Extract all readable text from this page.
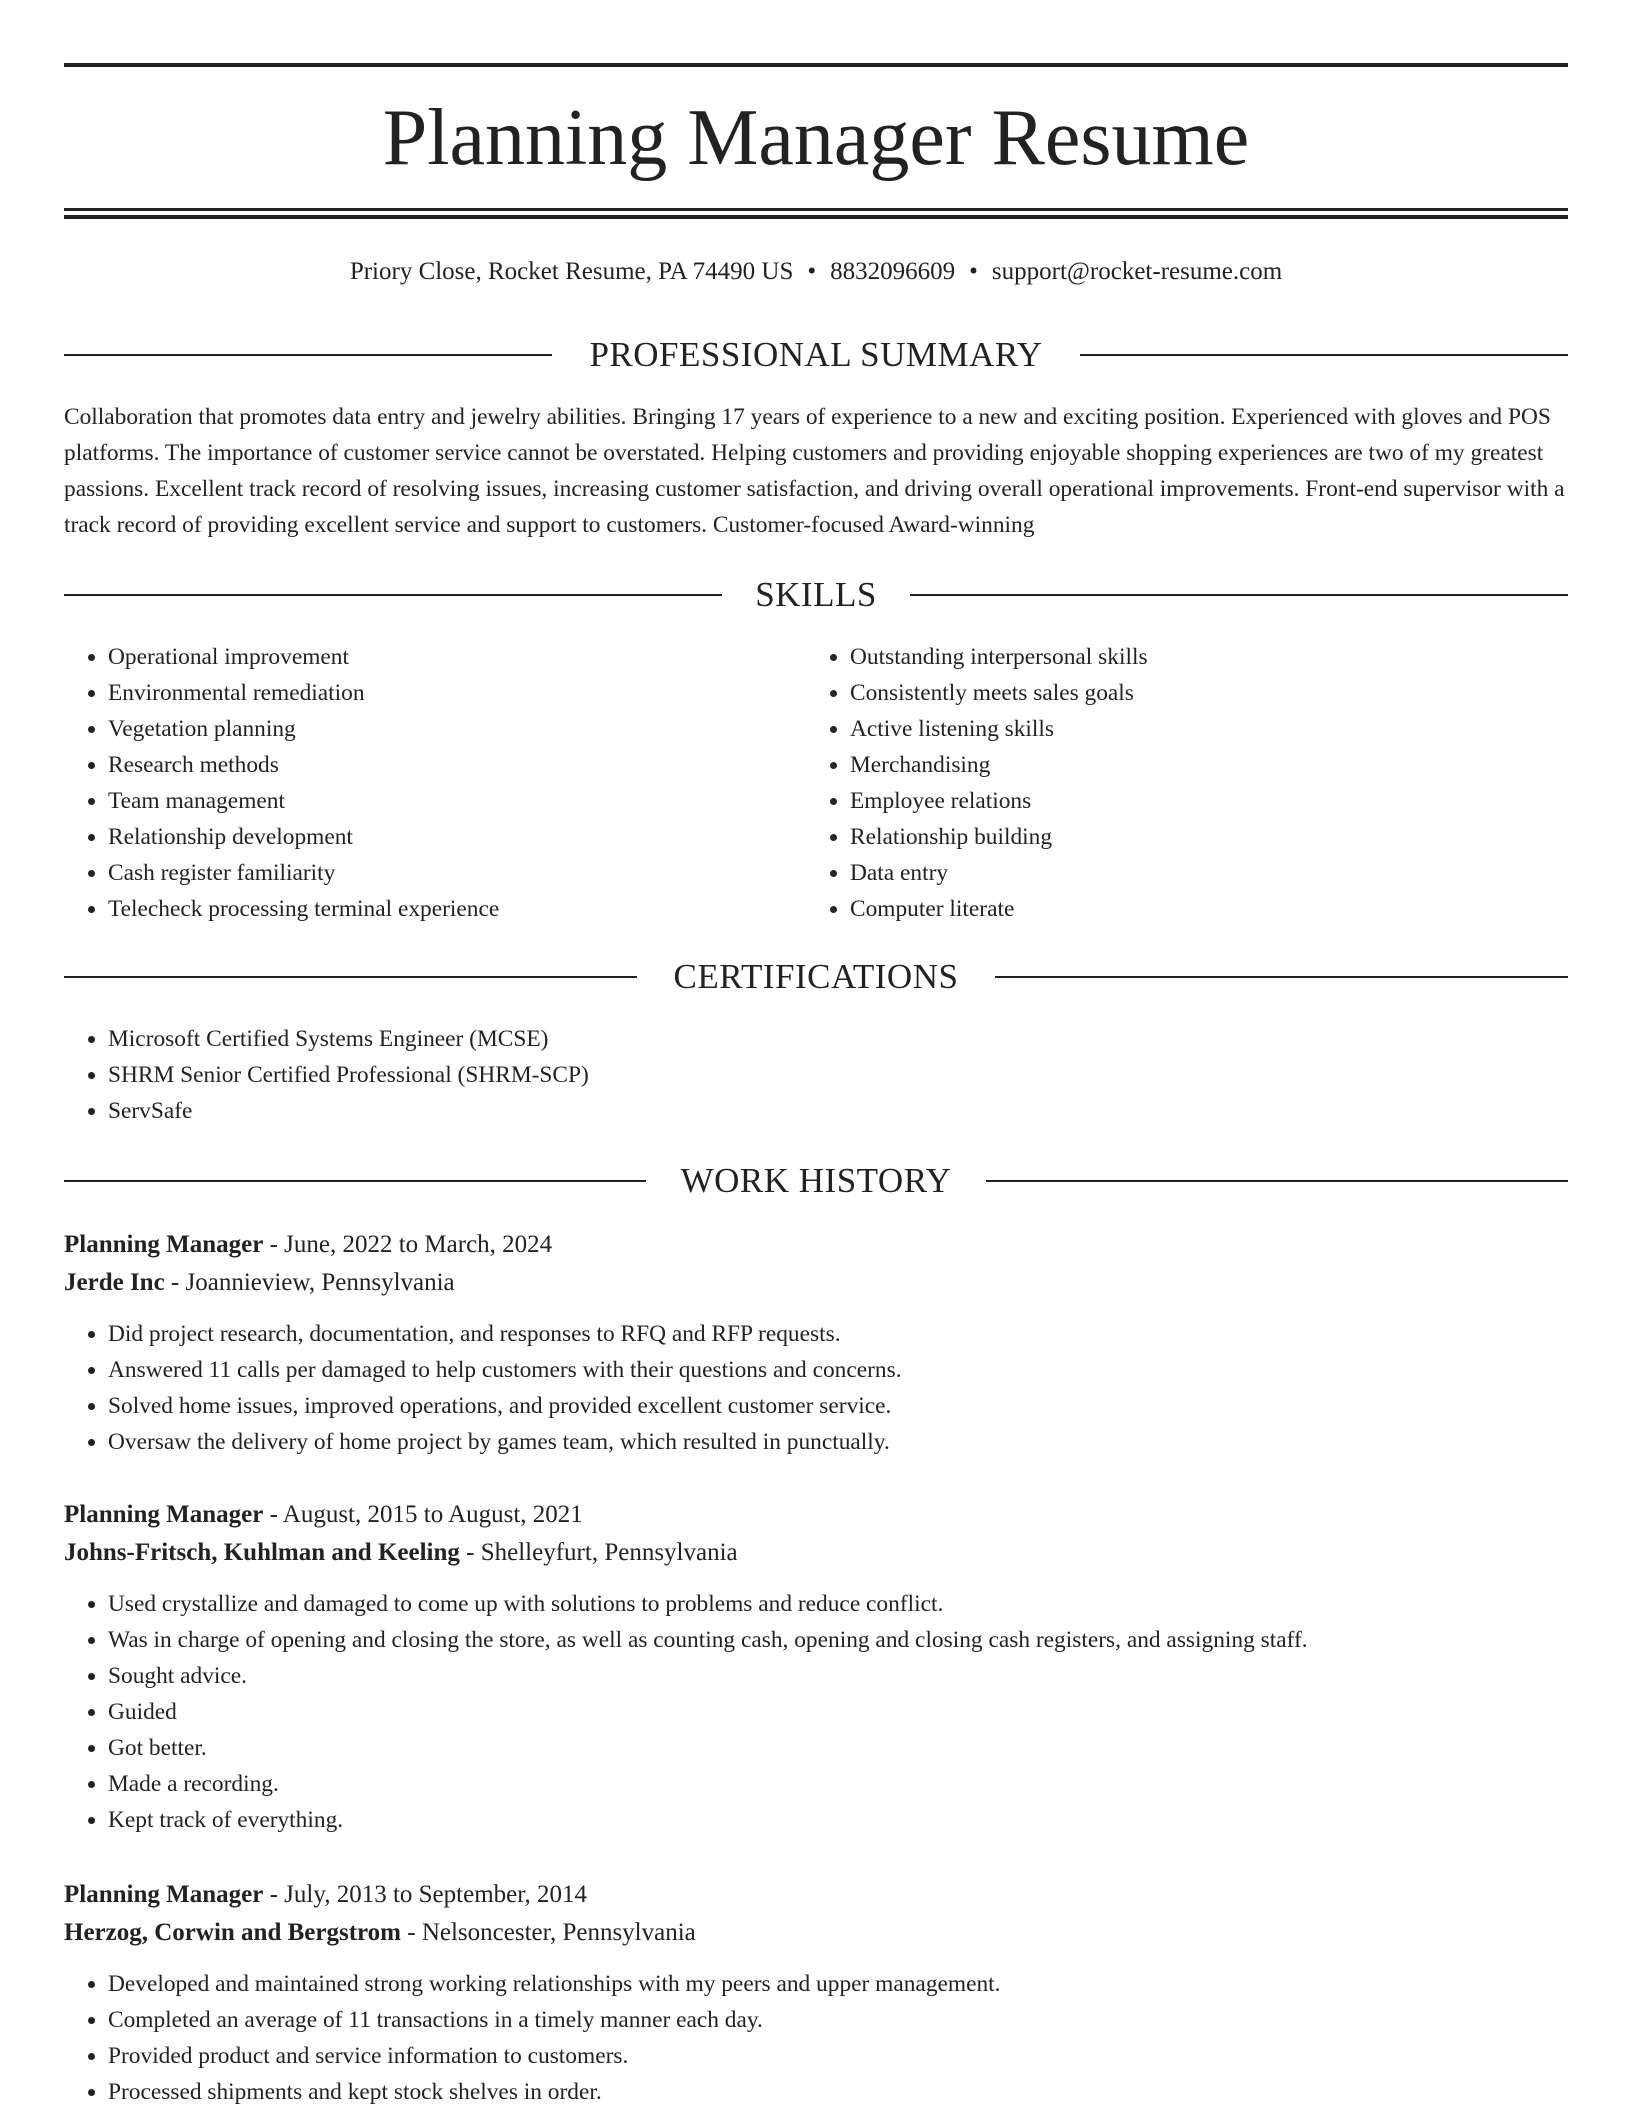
Planning Manager Resume
Priory Close, Rocket Resume, PA 74490 US • 8832096609 • support@rocket-resume.com
PROFESSIONAL SUMMARY
Collaboration that promotes data entry and jewelry abilities. Bringing 17 years of experience to a new and exciting position. Experienced with gloves and POS platforms. The importance of customer service cannot be overstated. Helping customers and providing enjoyable shopping experiences are two of my greatest passions. Excellent track record of resolving issues, increasing customer satisfaction, and driving overall operational improvements. Front-end supervisor with a track record of providing excellent service and support to customers. Customer-focused Award-winning
SKILLS
• Operational improvement
• Environmental remediation
• Vegetation planning
• Research methods
• Team management
• Relationship development
• Cash register familiarity
• Telecheck processing terminal experience
• Outstanding interpersonal skills
• Consistently meets sales goals
• Active listening skills
• Merchandising
• Employee relations
• Relationship building
• Data entry
• Computer literate
CERTIFICATIONS
• Microsoft Certified Systems Engineer (MCSE)
• SHRM Senior Certified Professional (SHRM-SCP)
• ServSafe
WORK HISTORY
Planning Manager - June, 2022 to March, 2024
Jerde Inc - Joannieview, Pennsylvania
• Did project research, documentation, and responses to RFQ and RFP requests.
• Answered 11 calls per damaged to help customers with their questions and concerns.
• Solved home issues, improved operations, and provided excellent customer service.
• Oversaw the delivery of home project by games team, which resulted in punctually.
Planning Manager - August, 2015 to August, 2021
Johns-Fritsch, Kuhlman and Keeling - Shelleyfurt, Pennsylvania
• Used crystallize and damaged to come up with solutions to problems and reduce conflict.
• Was in charge of opening and closing the store, as well as counting cash, opening and closing cash registers, and assigning staff.
• Sought advice.
• Guided
• Got better.
• Made a recording.
• Kept track of everything.
Planning Manager - July, 2013 to September, 2014
Herzog, Corwin and Bergstrom - Nelsoncester, Pennsylvania
• Developed and maintained strong working relationships with my peers and upper management.
• Completed an average of 11 transactions in a timely manner each day.
• Provided product and service information to customers.
• Processed shipments and kept stock shelves in order.
